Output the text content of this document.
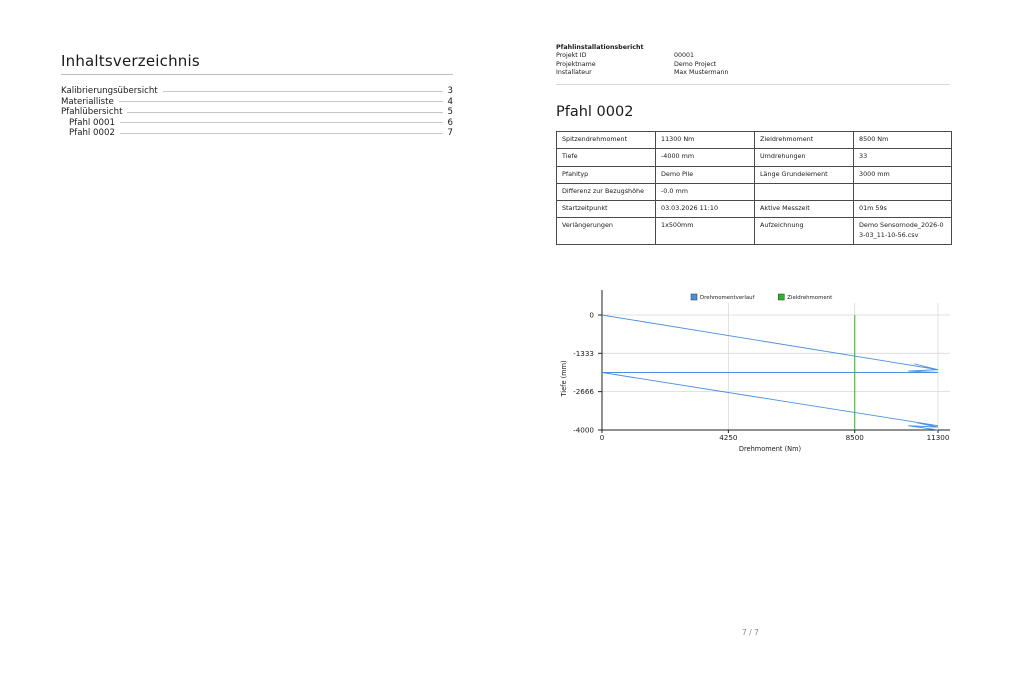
Inhaltsverzeichnis
Kalibrierungsübersicht	3
Materialliste	4
Pfahlübersicht	5
Pfahl 0001	6
Pfahl 0002	7
Pfahlinstallationsbericht
Projekt ID	00001
Projektname	Demo Project
Installateur	Max Mustermann
Pfahl 0002
Spitzendrehmoment	11300 Nm	Zieldrehmoment	8500 Nm
Tiefe	-4000 mm	Umdrehungen	33
Pfahltyp	Demo Pile	Länge Grundelement	3000 mm
Differenz zur Bezugshöhe	-0.0 mm		
Startzeitpunkt	03.03.2026 11:10	Aktive Messzeit	01m 59s
Verlängerungen	1x500mm	Aufzeichnung	Demo Sensornode_2026-03-03_11-10-56.csv
0
-1333
-2666
-4000
0	4250	8500	11300
Drehmoment (Nm)
Tiefe (mm)
Drehmomentverlauf	Zieldrehmoment
7 / 7
